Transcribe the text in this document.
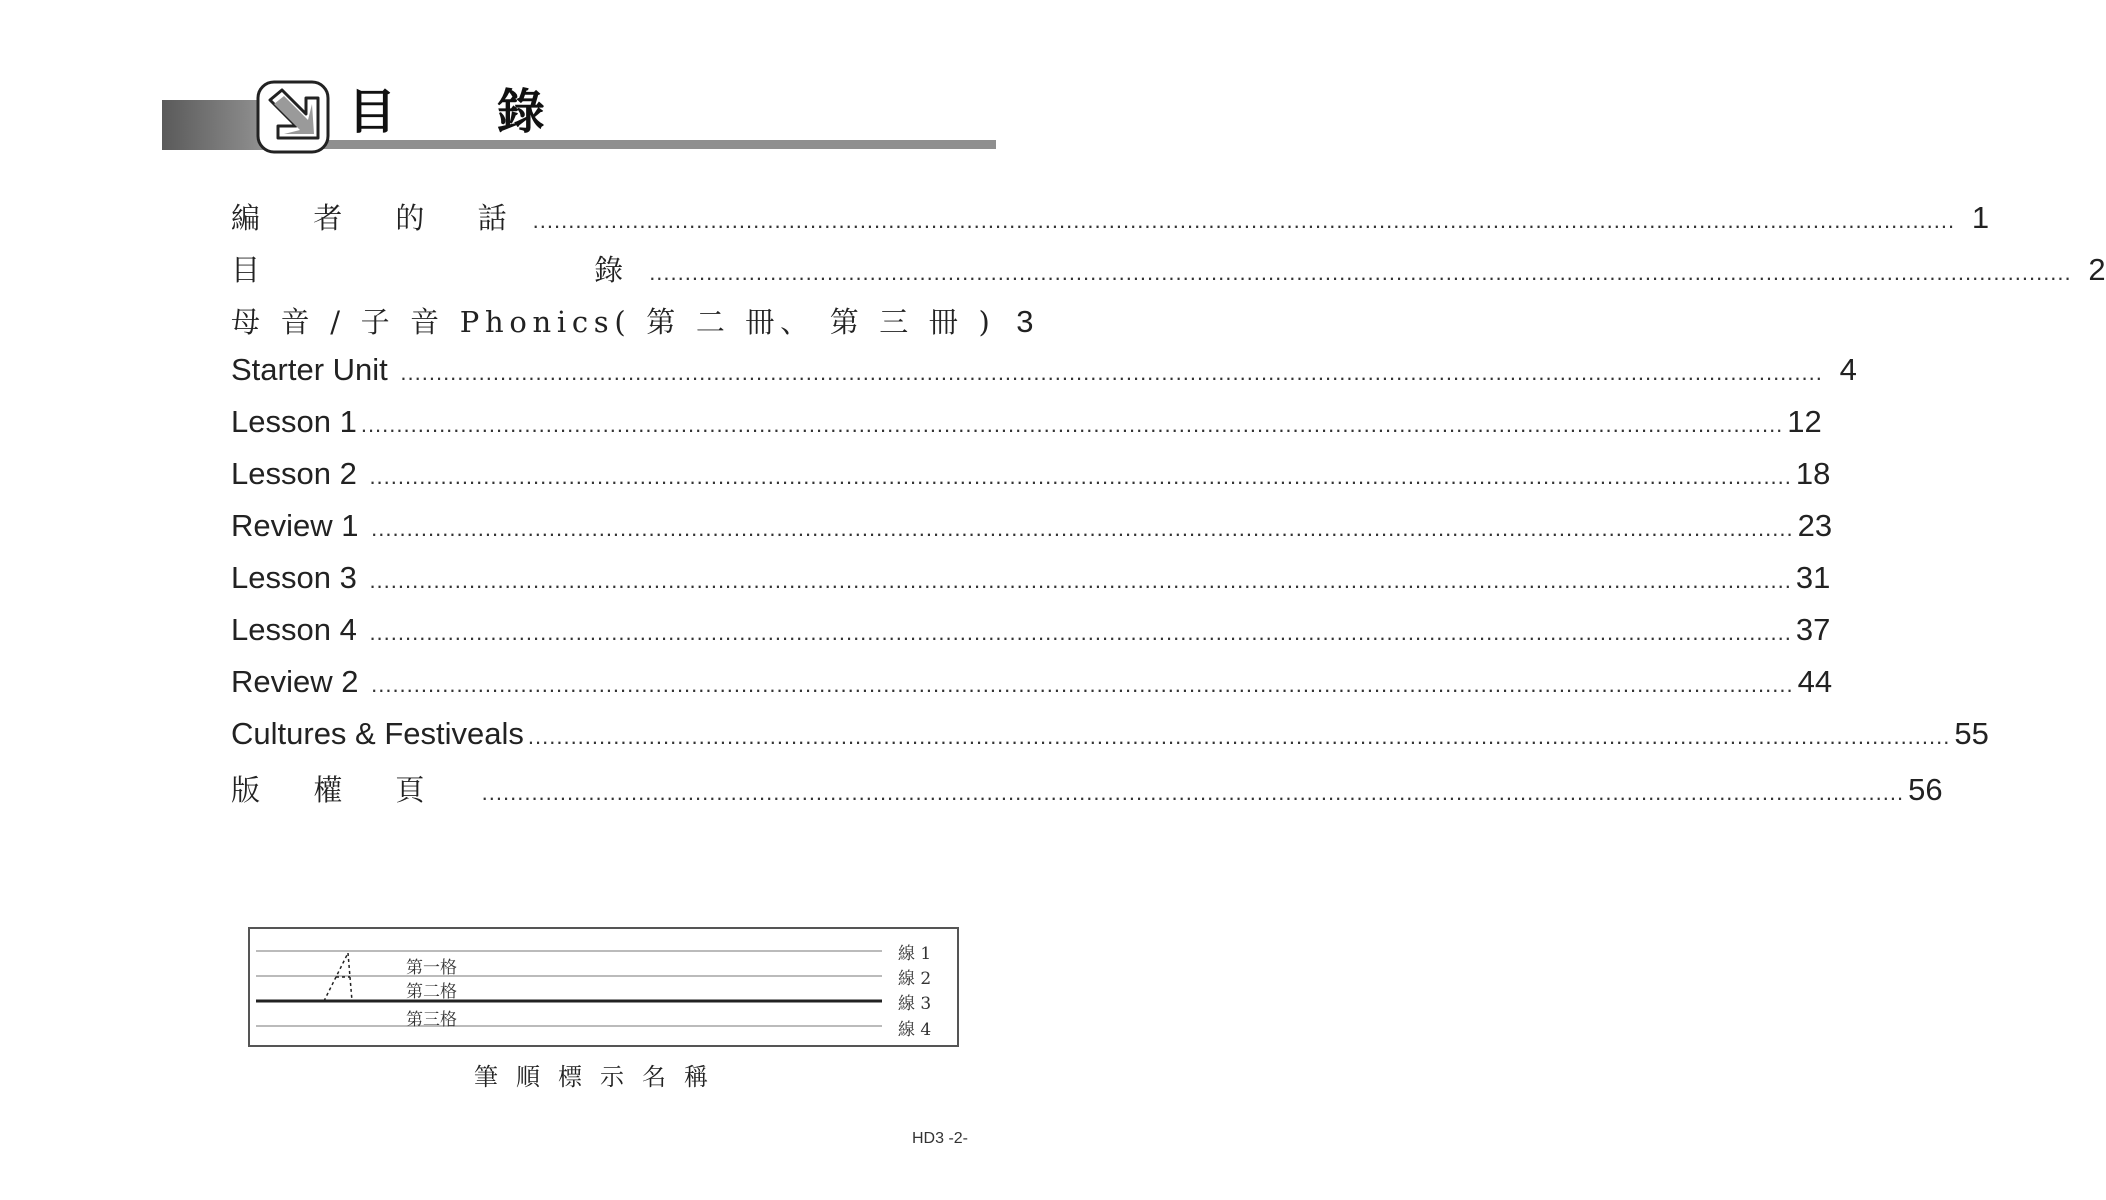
目 錄
編 者 的 話 ........................................................................................................................................................................................................ 1
目          錄 ........................................................................................................................................................................................................ 2
母 音 / 子 音 Phonics( 第 二 冊、 第 三 冊 ) 3
Starter Unit ........................................................................................................................................................................................................ 4
Lesson 1 ........................................................................................................................................................................................................ 12
Lesson 2 ........................................................................................................................................................................................................ 18
Review 1 ........................................................................................................................................................................................................ 23
Lesson 3 ........................................................................................................................................................................................................ 31
Lesson 4 ........................................................................................................................................................................................................ 37
Review 2 ........................................................................................................................................................................................................ 44
Cultures & Festiveals ........................................................................................................................................................................................................ 55
版 權 頁 ........................................................................................................................................................................................................ 56
第一格
第二格
第三格
線 1
線 2
線 3
線 4
筆順標示名稱
HD3 -2-
